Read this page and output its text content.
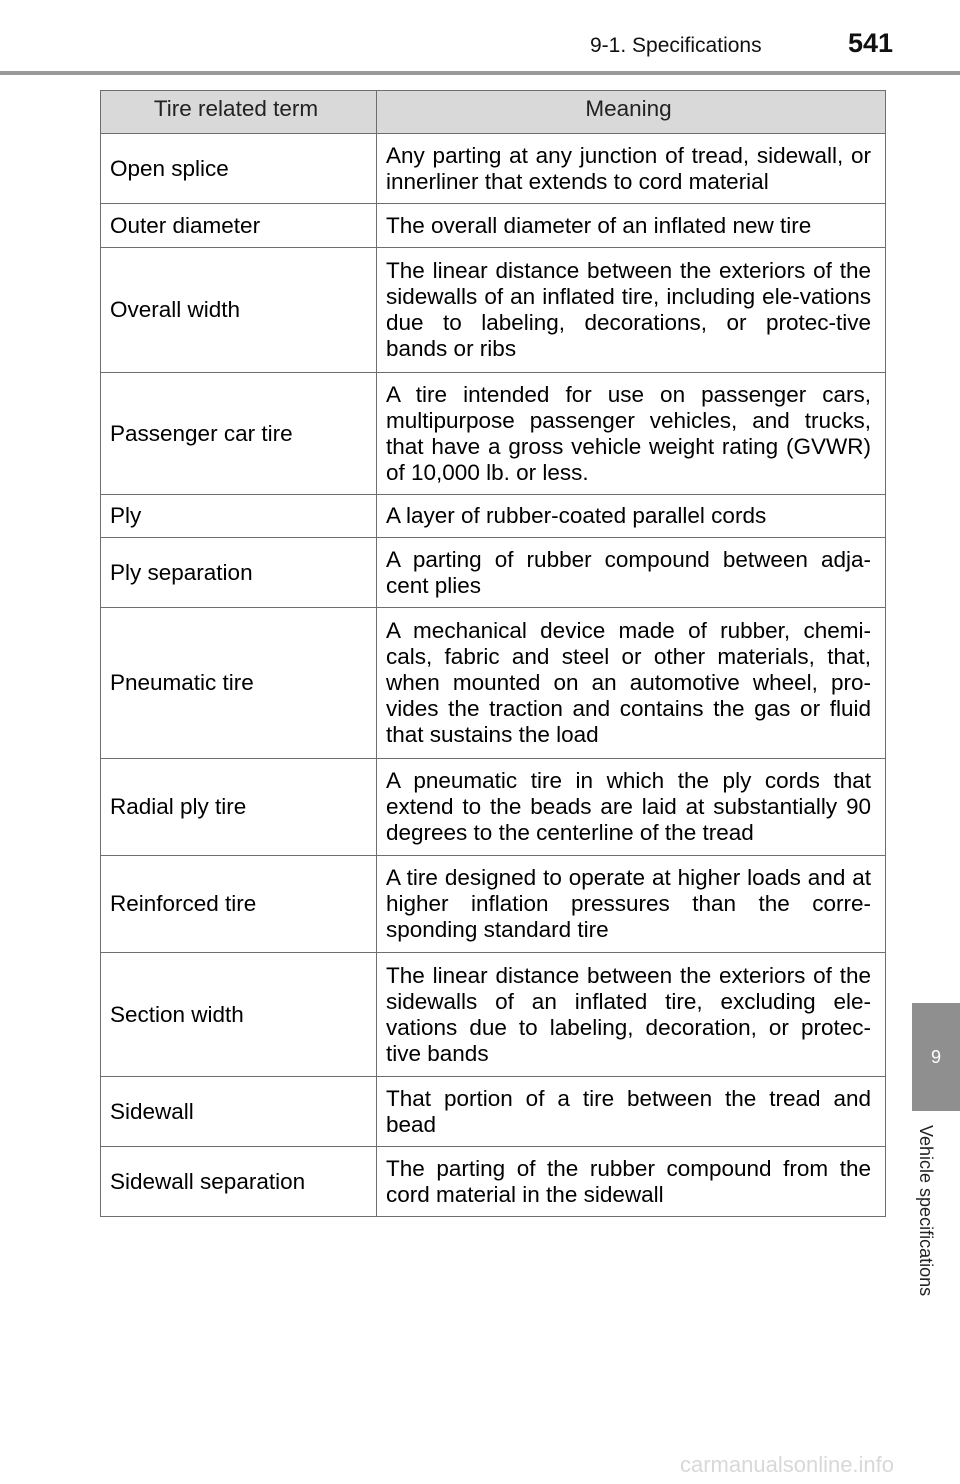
9-1. Specifications	541
9
Vehicle specifications
Tire related term	Meaning
Open splice	Any parting at any junction of tread, sidewall, or innerliner that extends to cord material
Outer diameter	The overall diameter of an inflated new tire
Overall width	The linear distance between the exteriors of the sidewalls of an inflated tire, including ele-vations due to labeling, decorations, or protec-tive bands or ribs
Passenger car tire	A tire intended for use on passenger cars, multipurpose passenger vehicles, and trucks, that have a gross vehicle weight rating (GVWR) of 10,000 lb. or less.
Ply	A layer of rubber-coated parallel cords
Ply separation	A parting of rubber compound between adja-cent plies
Pneumatic tire	A mechanical device made of rubber, chemi-cals, fabric and steel or other materials, that, when mounted on an automotive wheel, pro-vides the traction and contains the gas or fluid that sustains the load
Radial ply tire	A pneumatic tire in which the ply cords that extend to the beads are laid at substantially 90 degrees to the centerline of the tread
Reinforced tire	A tire designed to operate at higher loads and at higher inflation pressures than the corre-sponding standard tire
Section width	The linear distance between the exteriors of the sidewalls of an inflated tire, excluding ele-vations due to labeling, decoration, or protec-tive bands
Sidewall	That portion of a tire between the tread and bead
Sidewall separation	The parting of the rubber compound from the cord material in the sidewall
carmanualsonline.info
